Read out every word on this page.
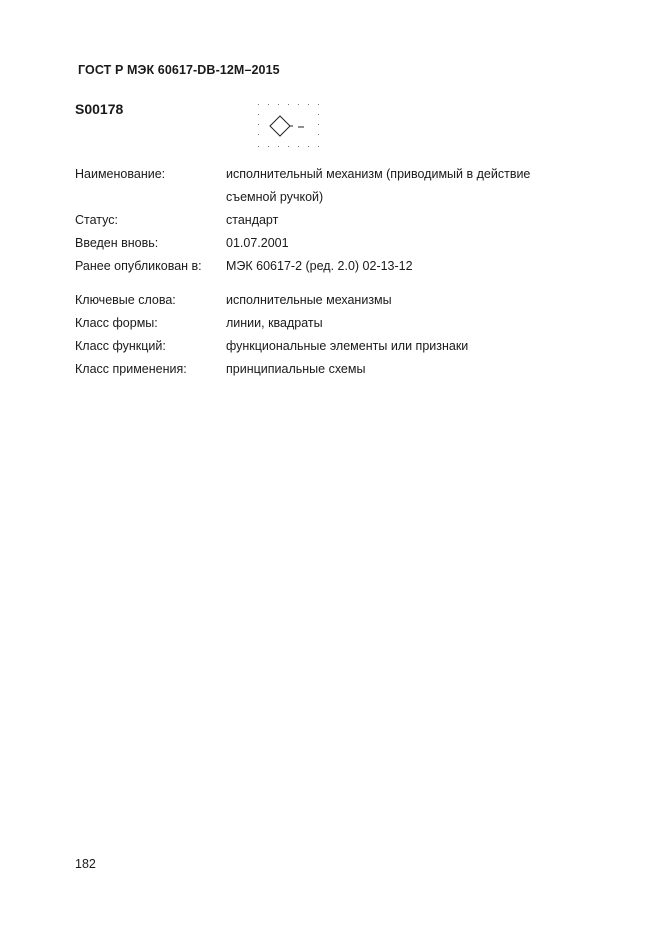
ГОСТ Р МЭК 60617-DB-12M–2015
S00178
Наименование:	исполнительный механизм (приводимый в действие съемной ручкой)
Статус:	стандарт
Введен вновь:	01.07.2001
Ранее опубликован в:	МЭК 60617-2 (ред. 2.0) 02-13-12
Ключевые слова:	исполнительные механизмы
Класс формы:	линии, квадраты
Класс функций:	функциональные элементы или признаки
Класс применения:	принципиальные схемы
182
